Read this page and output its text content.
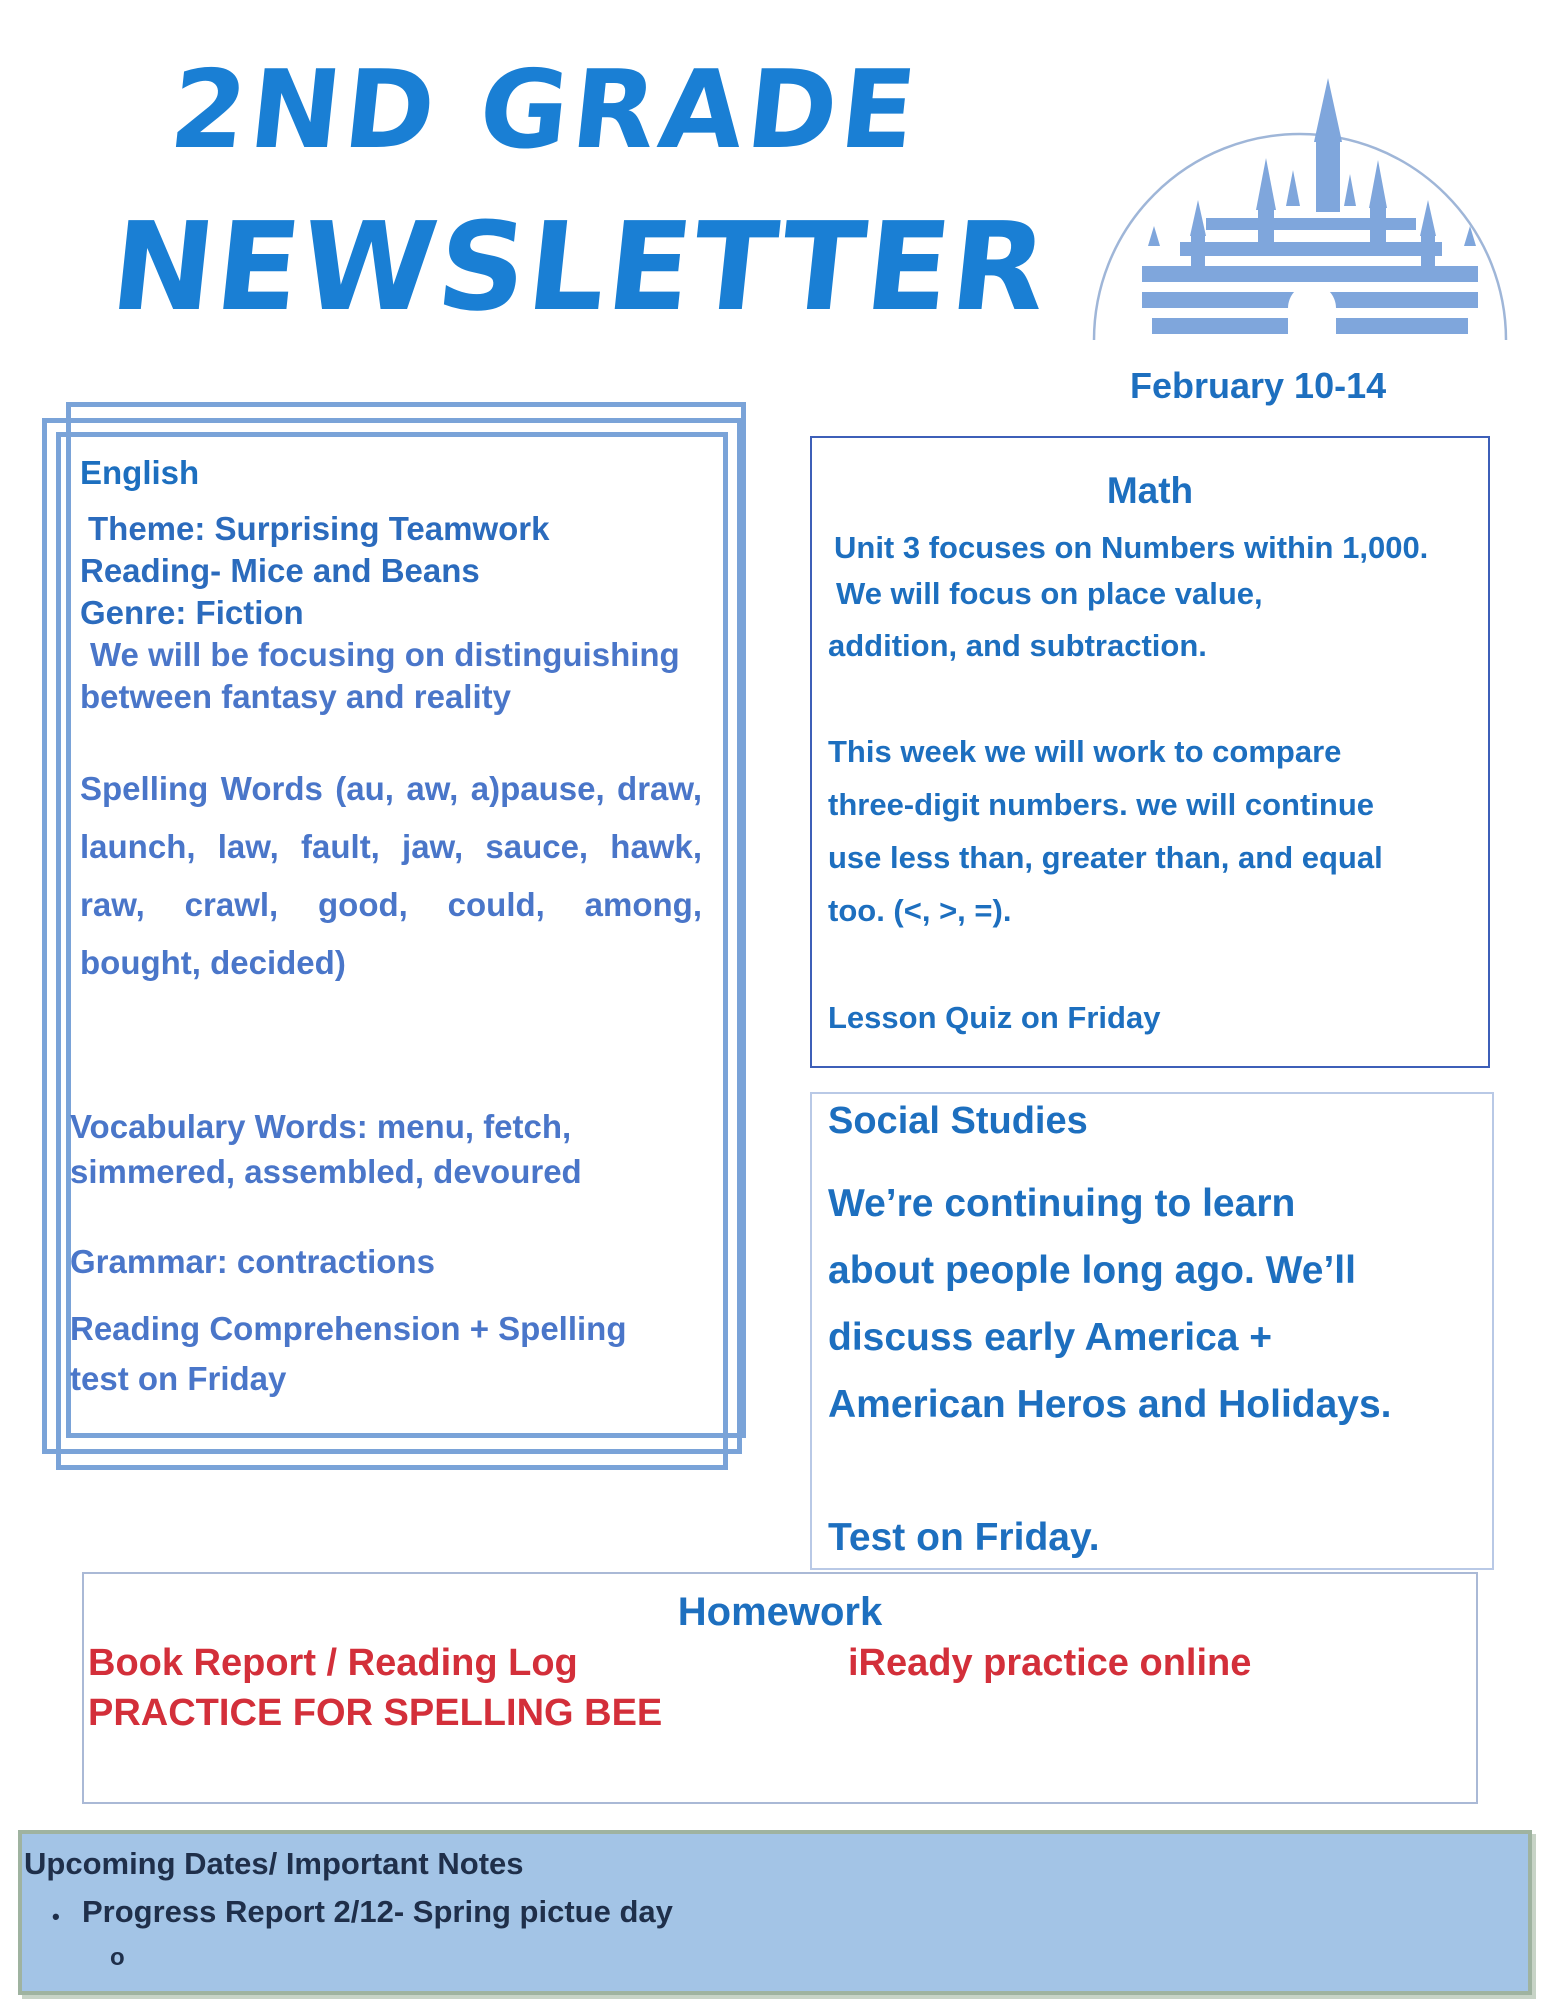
2ND GRADE
NEWSLETTER
February 10-14
English
Theme: Surprising Teamwork
Reading- Mice and Beans
Genre: Fiction
We will be focusing on distinguishing
between fantasy and reality
Spelling Words (au, aw, a)pause, draw, launch, law, fault, jaw, sauce, hawk, raw, crawl, good, could, among, bought, decided)
Vocabulary Words: menu, fetch,
simmered, assembled, devoured
Grammar: contractions
Reading Comprehension + Spelling
test on Friday
Math
Unit 3 focuses on Numbers within 1,000.
We will focus on place value,
addition, and subtraction.
This week we will work to compare
three-digit numbers. we will continue
use less than, greater than, and equal
too. (<, >, =).
Lesson Quiz on Friday
Social Studies
We’re continuing to learn
about people long ago. We’ll
discuss early America +
American Heros and Holidays.
Test on Friday.
Homework
Book Report / Reading Log	iReady practice online
PRACTICE FOR SPELLING BEE
Upcoming Dates/ Important Notes
• Progress Report 2/12- Spring pictue day
o
